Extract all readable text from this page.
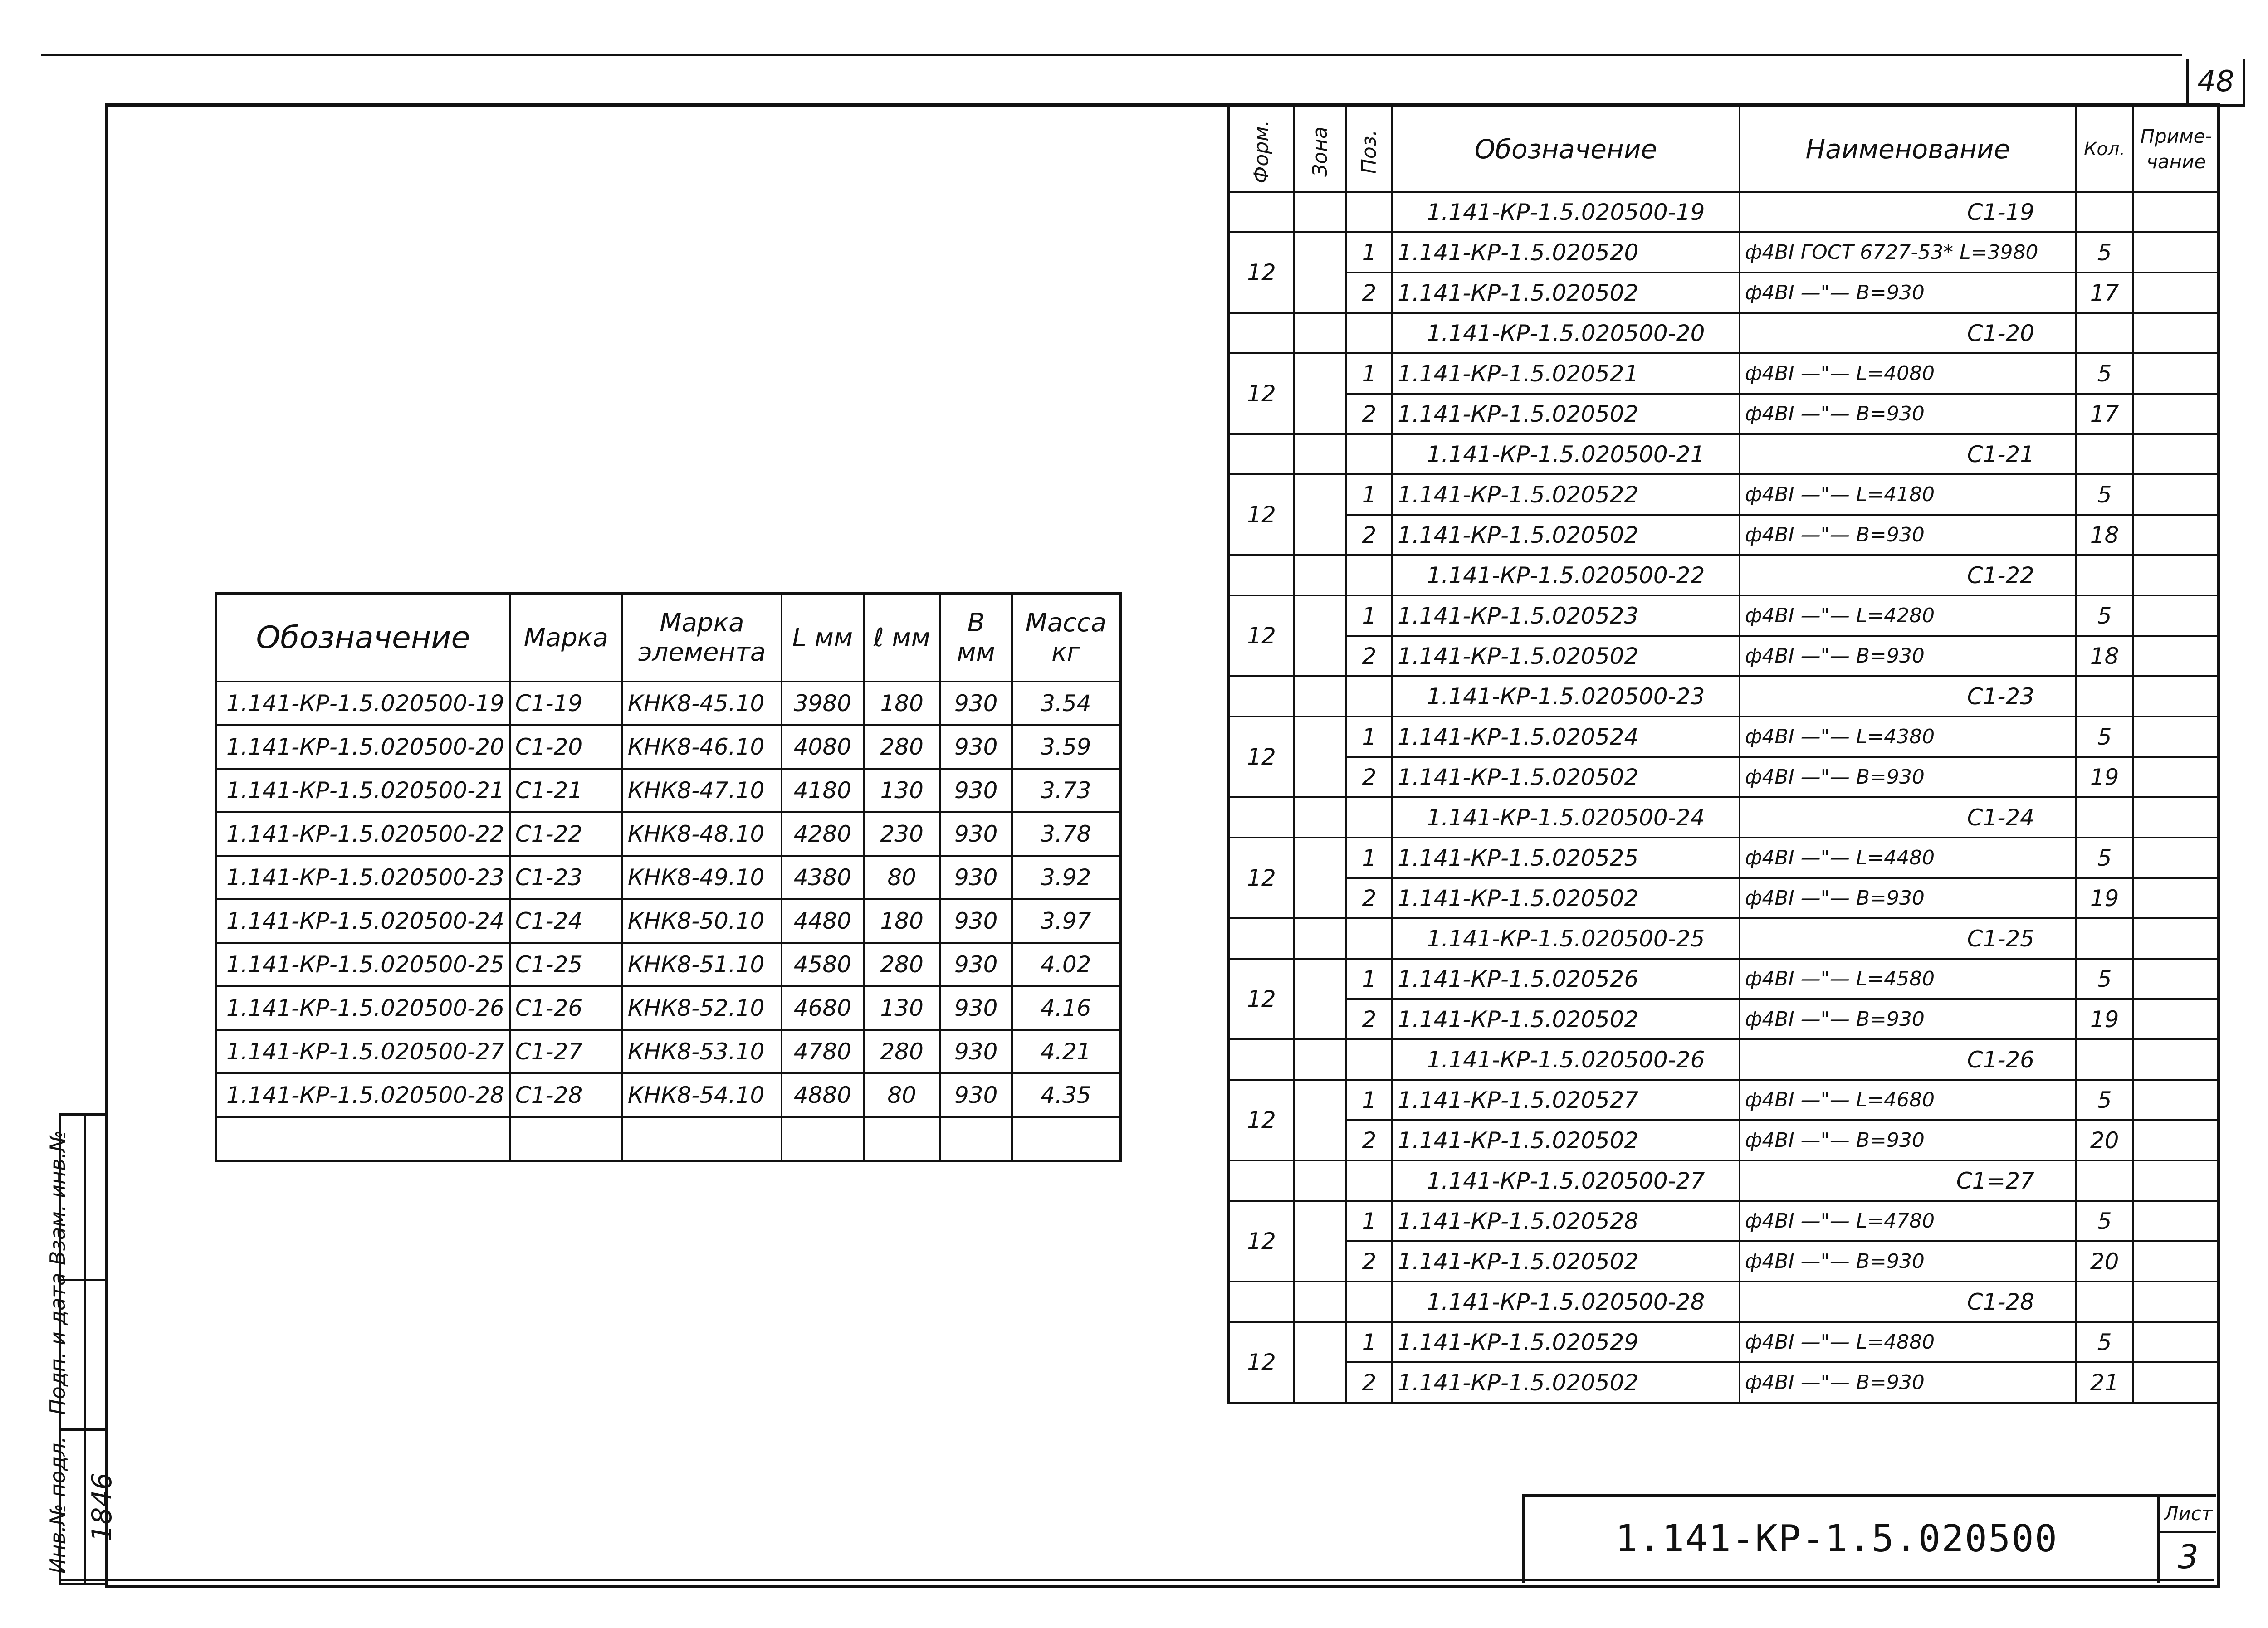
48
Взам. инв.№
Подп. и дата
Инв.№ подл. 1846
Обозначение	Марка	Марка элемента	L мм	ℓ мм	В мм	Масса кг
1.141-КР-1.5.020500-19	С1-19	КНК8-45.10	3980	180	930	3.54
1.141-КР-1.5.020500-20	С1-20	КНК8-46.10	4080	280	930	3.59
1.141-КР-1.5.020500-21	С1-21	КНК8-47.10	4180	130	930	3.73
1.141-КР-1.5.020500-22	С1-22	КНК8-48.10	4280	230	930	3.78
1.141-КР-1.5.020500-23	С1-23	КНК8-49.10	4380	80	930	3.92
1.141-КР-1.5.020500-24	С1-24	КНК8-50.10	4480	180	930	3.97
1.141-КР-1.5.020500-25	С1-25	КНК8-51.10	4580	280	930	4.02
1.141-КР-1.5.020500-26	С1-26	КНК8-52.10	4680	130	930	4.16
1.141-КР-1.5.020500-27	С1-27	КНК8-53.10	4780	280	930	4.21
1.141-КР-1.5.020500-28	С1-28	КНК8-54.10	4880	80	930	4.35

Форм.	Зона	Поз.	Обозначение	Наименование	Кол.	Приме-чание
			1.141-КР-1.5.020500-19	С1-19		
12		1	1.141-КР-1.5.020520	ф4ВI ГОСТ 6727-53* L=3980	5	
		2	1.141-КР-1.5.020502	ф4ВI —"— В=930	17	
			1.141-КР-1.5.020500-20	С1-20		
12		1	1.141-КР-1.5.020521	ф4ВI —"— L=4080	5	
		2	1.141-КР-1.5.020502	ф4ВI —"— В=930	17	
			1.141-КР-1.5.020500-21	С1-21		
12		1	1.141-КР-1.5.020522	ф4ВI —"— L=4180	5	
		2	1.141-КР-1.5.020502	ф4ВI —"— В=930	18	
			1.141-КР-1.5.020500-22	С1-22		
12		1	1.141-КР-1.5.020523	ф4ВI —"— L=4280	5	
		2	1.141-КР-1.5.020502	ф4ВI —"— В=930	18	
			1.141-КР-1.5.020500-23	С1-23		
12		1	1.141-КР-1.5.020524	ф4ВI —"— L=4380	5	
		2	1.141-КР-1.5.020502	ф4ВI —"— В=930	19	
			1.141-КР-1.5.020500-24	С1-24		
12		1	1.141-КР-1.5.020525	ф4ВI —"— L=4480	5	
		2	1.141-КР-1.5.020502	ф4ВI —"— В=930	19	
			1.141-КР-1.5.020500-25	С1-25		
12		1	1.141-КР-1.5.020526	ф4ВI —"— L=4580	5	
		2	1.141-КР-1.5.020502	ф4ВI —"— В=930	19	
			1.141-КР-1.5.020500-26	С1-26		
12		1	1.141-КР-1.5.020527	ф4ВI —"— L=4680	5	
		2	1.141-КР-1.5.020502	ф4ВI —"— В=930	20	
			1.141-КР-1.5.020500-27	С1=27		
12		1	1.141-КР-1.5.020528	ф4ВI —"— L=4780	5	
		2	1.141-КР-1.5.020502	ф4ВI —"— В=930	20	
			1.141-КР-1.5.020500-28	С1-28		
12		1	1.141-КР-1.5.020529	ф4ВI —"— L=4880	5	
		2	1.141-КР-1.5.020502	ф4ВI —"— В=930	21	
1.141-КР-1.5.020500
Лист
3
